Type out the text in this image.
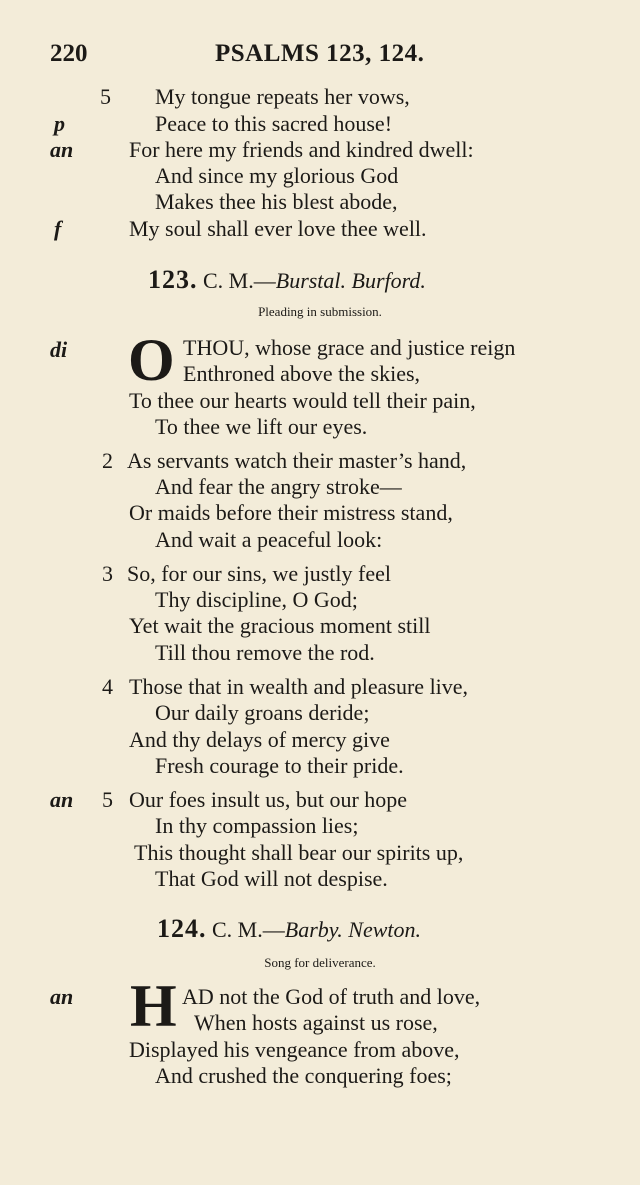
220	PSALMS 123, 124.
5 My tongue repeats her vows,
p	Peace to this sacred house!
an	For here my friends and kindred dwell:
And since my glorious God
Makes thee his blest abode,
f	My soul shall ever love thee well.
123. C. M.—Burstal. Burford.
Pleading in submission.
di O THOU, whose grace and justice reign
Enthroned above the skies,
To thee our hearts would tell their pain,
To thee we lift our eyes.
2 As servants watch their master’s hand,
And fear the angry stroke—
Or maids before their mistress stand,
And wait a peaceful look:
3 So, for our sins, we justly feel
Thy discipline, O God;
Yet wait the gracious moment still
Till thou remove the rod.
4 Those that in wealth and pleasure live,
Our daily groans deride;
And thy delays of mercy give
Fresh courage to their pride.
an 5 Our foes insult us, but our hope
In thy compassion lies;
This thought shall bear our spirits up,
That God will not despise.
124. C. M.—Barby. Newton.
Song for deliverance.
an H AD not the God of truth and love,
When hosts against us rose,
Displayed his vengeance from above,
And crushed the conquering foes;
